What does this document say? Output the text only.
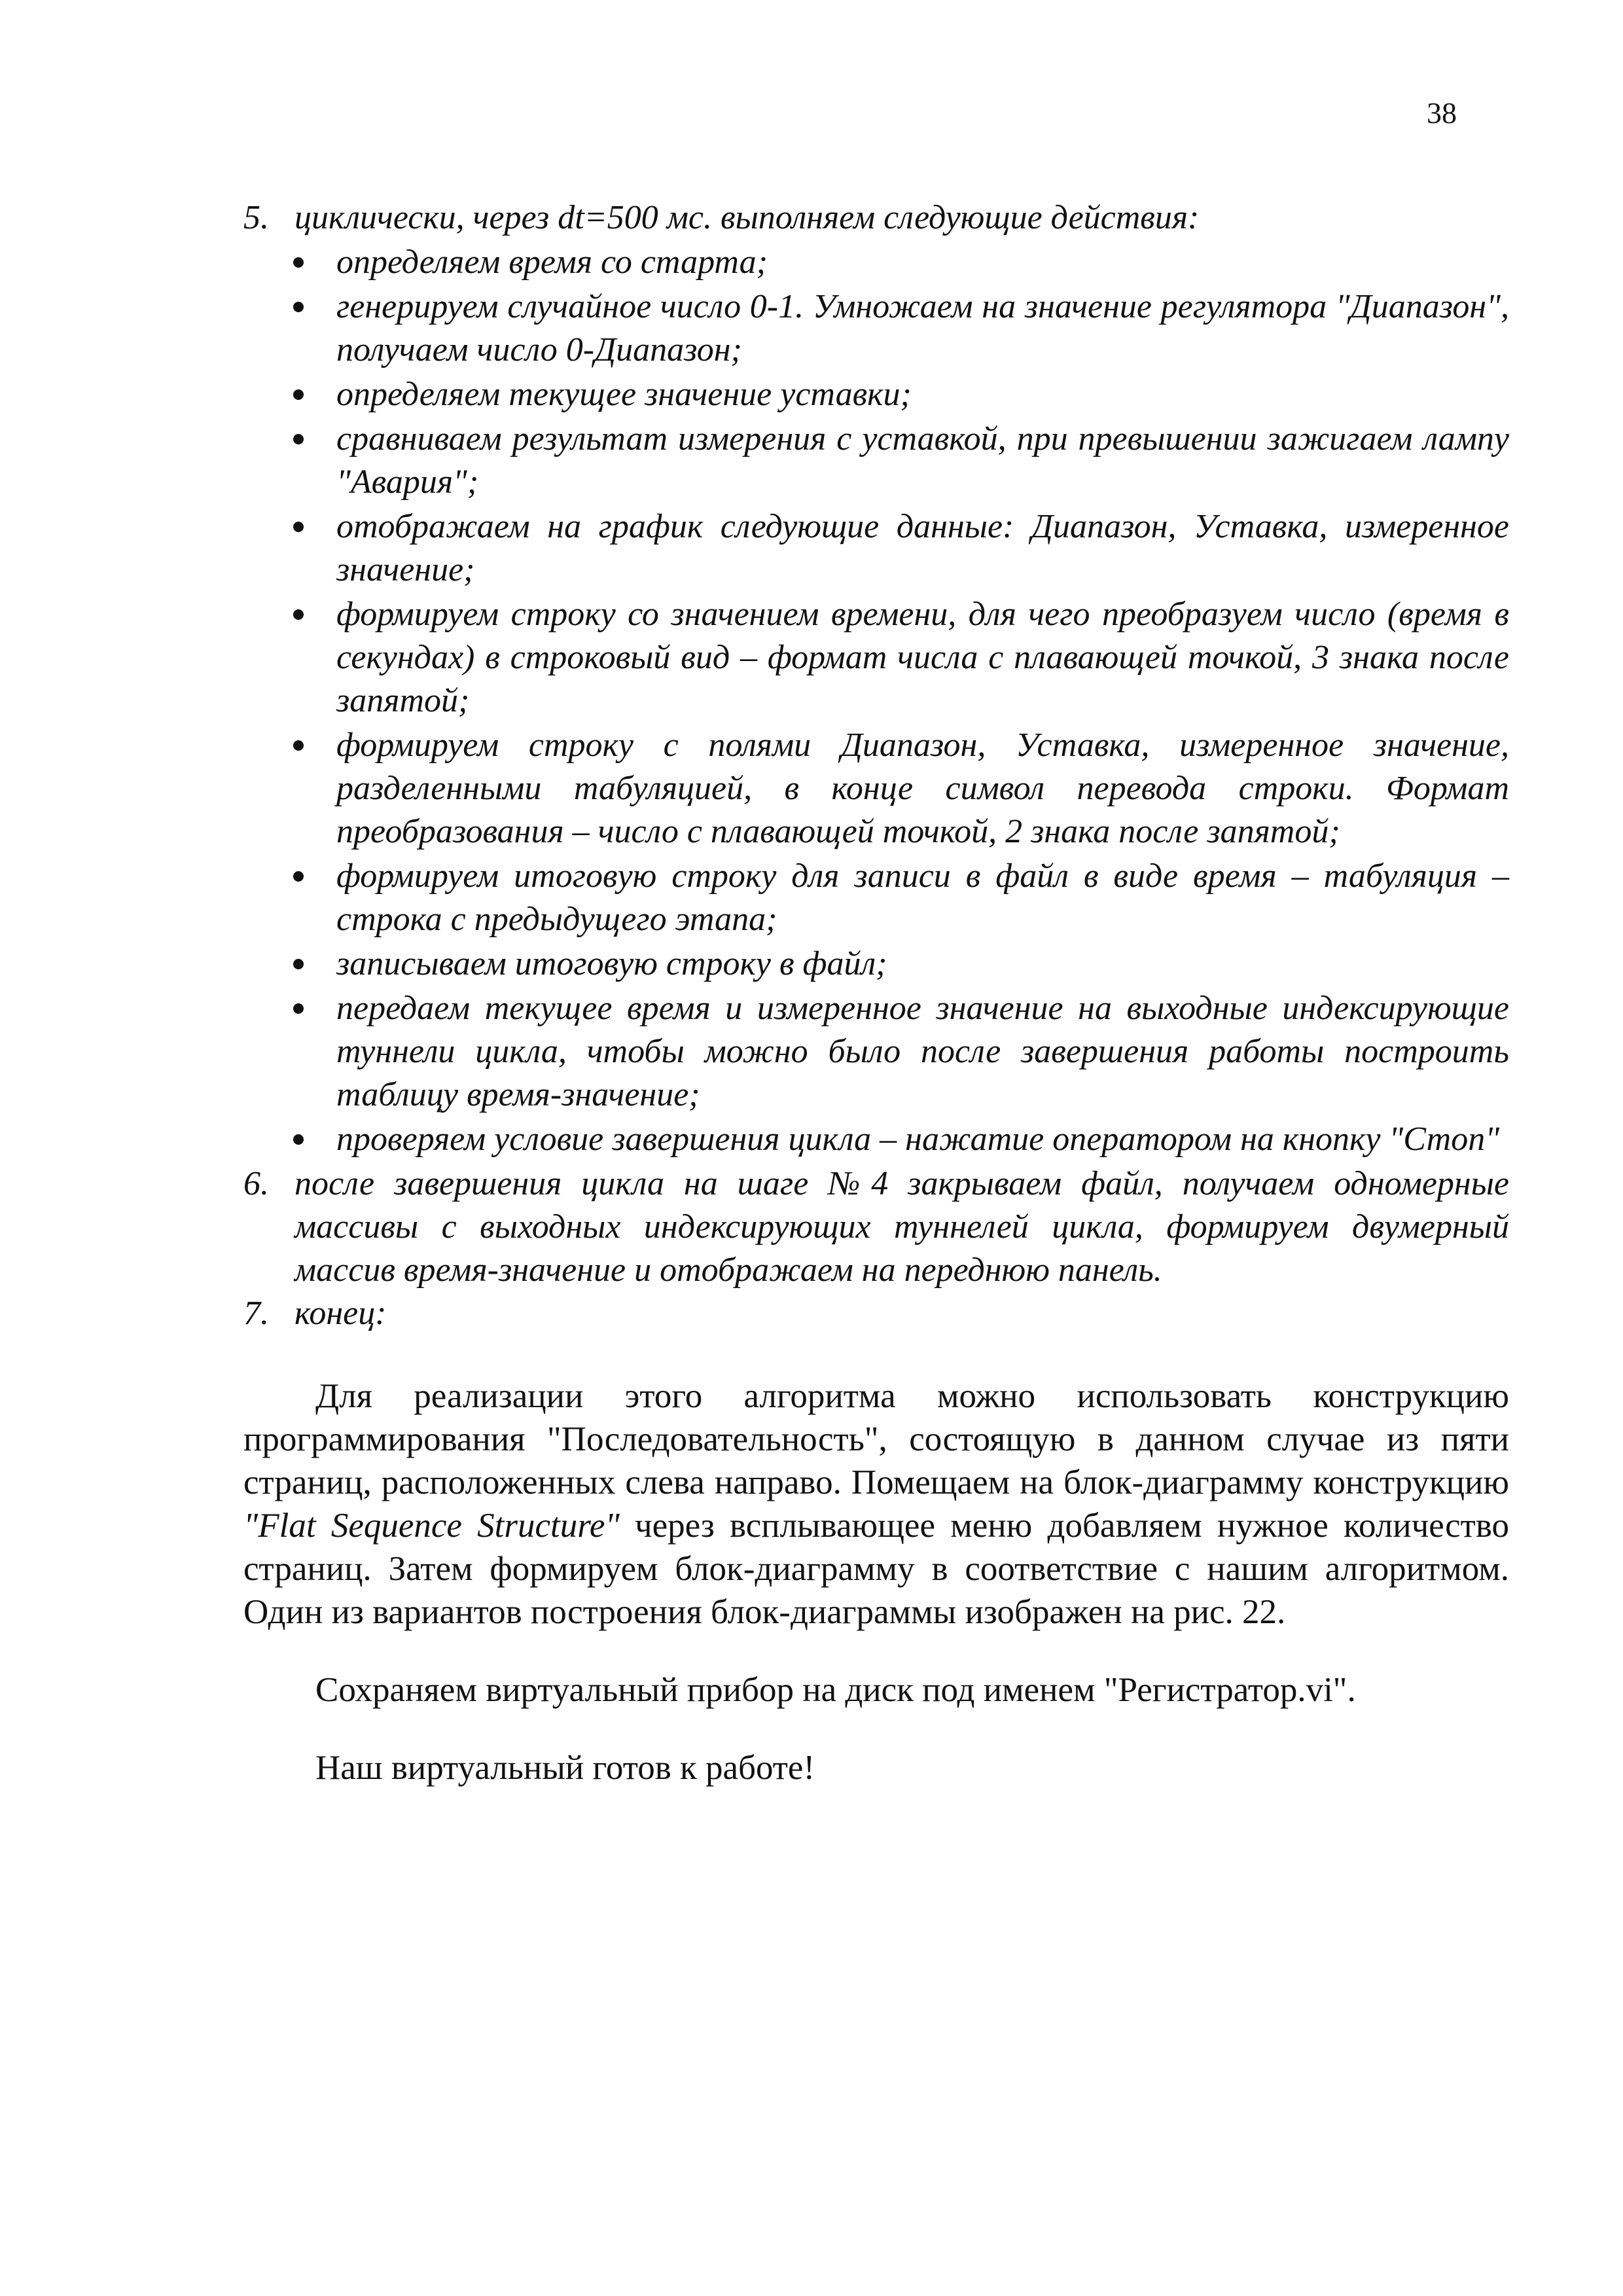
38
5. циклически, через dt=500 мс. выполняем следующие действия:
определяем время со старта;
генерируем случайное число 0-1. Умножаем на значение регулятора "Диапазон", получаем число 0-Диапазон;
определяем текущее значение уставки;
сравниваем результат измерения с уставкой, при превышении зажигаем лампу "Авария";
отображаем на график следующие данные: Диапазон, Уставка, измеренное значение;
формируем строку со значением времени, для чего преобразуем число (время в секундах) в строковый вид – формат числа с плавающей точкой, 3 знака после запятой;
формируем строку с полями Диапазон, Уставка, измеренное значение, разделенными табуляцией, в конце символ перевода строки. Формат преобразования – число с плавающей точкой, 2 знака после запятой;
формируем итоговую строку для записи в файл в виде время – табуляция – строка с предыдущего этапа;
записываем итоговую строку в файл;
передаем текущее время и измеренное значение на выходные индексирующие туннели цикла, чтобы можно было после завершения работы построить таблицу время-значение;
проверяем условие завершения цикла – нажатие оператором на кнопку "Стоп"
6. после завершения цикла на шаге №4 закрываем файл, получаем одномерные массивы с выходных индексирующих туннелей цикла, формируем двумерный массив время-значение и отображаем на переднюю панель.
7. конец:

Для реализации этого алгоритма можно использовать конструкцию программирования "Последовательность", состоящую в данном случае из пяти страниц, расположенных слева направо. Помещаем на блок-диаграмму конструкцию "Flat Sequence Structure" через всплывающее меню добавляем нужное количество страниц. Затем формируем блок-диаграмму в соответствие с нашим алгоритмом. Один из вариантов построения блок-диаграммы изображен на рис. 22.

Сохраняем виртуальный прибор на диск под именем "Регистратор.vi".

Наш виртуальный готов к работе!
